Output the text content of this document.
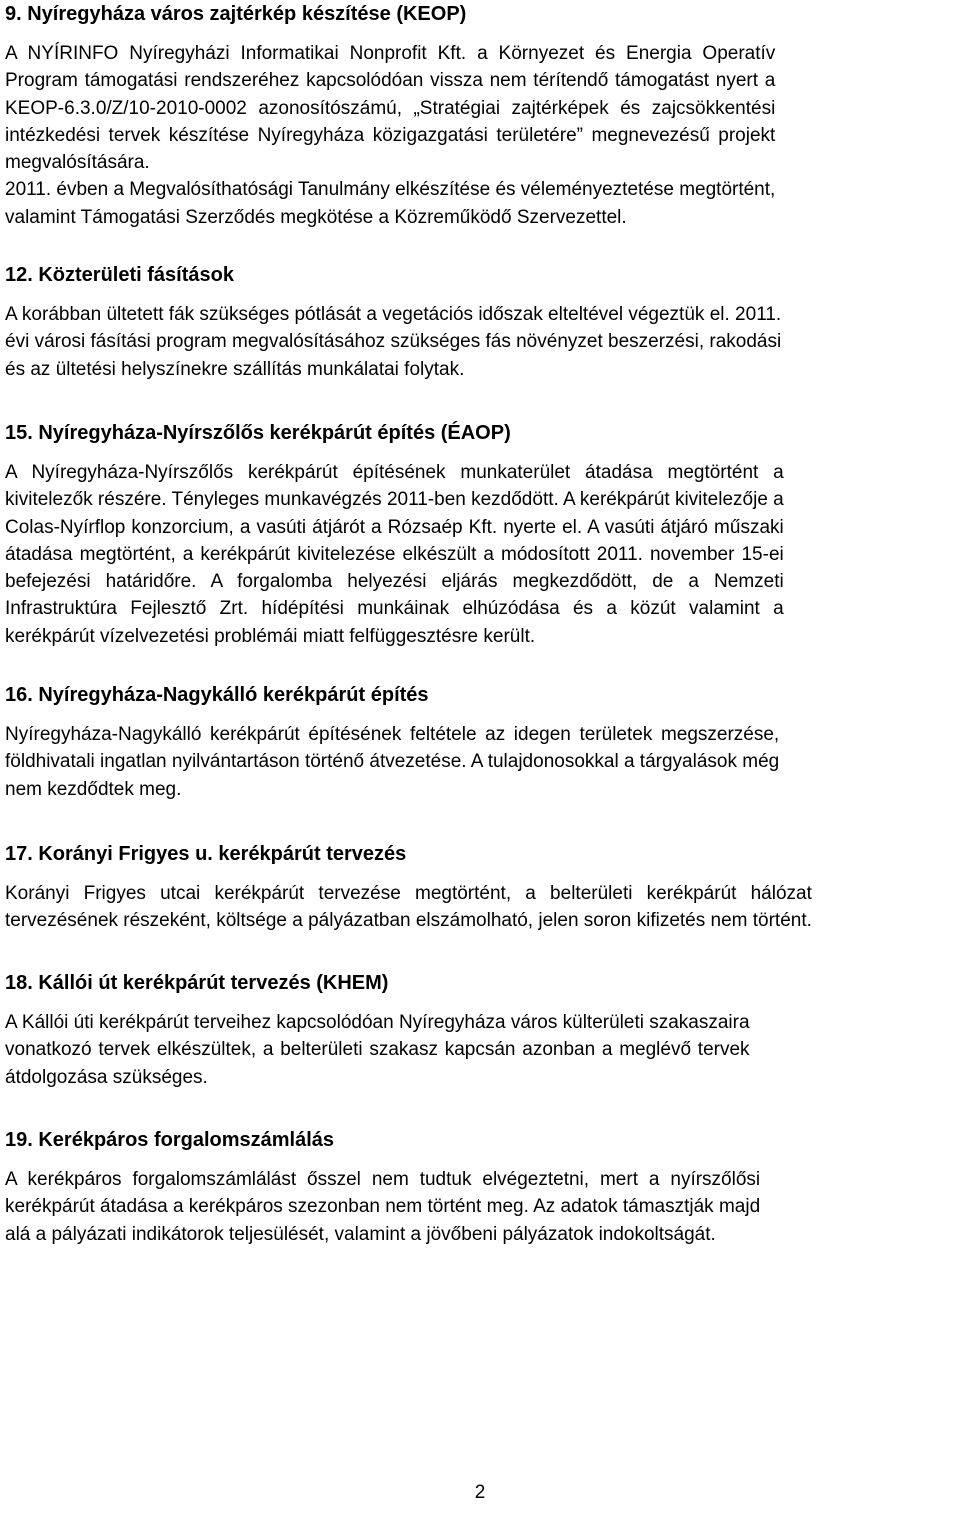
9. Nyíregyháza város zajtérkép készítése (KEOP)

A NYÍRINFO Nyíregyházi Informatikai Nonprofit Kft. a Környezet és Energia Operatív
Program támogatási rendszeréhez kapcsolódóan vissza nem térítendő támogatást nyert a
KEOP-6.3.0/Z/10-2010-0002 azonosítószámú, „Stratégiai zajtérképek és zajcsökkentési
intézkedési tervek készítése Nyíregyháza közigazgatási területére” megnevezésű projekt
megvalósítására.
2011. évben a Megvalósíthatósági Tanulmány elkészítése és véleményeztetése megtörtént,
valamint Támogatási Szerződés megkötése a Közreműködő Szervezettel.

12. Közterületi fásítások

A korábban ültetett fák szükséges pótlását a vegetációs időszak elteltével végeztük el. 2011.
évi városi fásítási program megvalósításához szükséges fás növényzet beszerzési, rakodási
és az ültetési helyszínekre szállítás munkálatai folytak.

15. Nyíregyháza-Nyírszőlős kerékpárút építés (ÉAOP)

A Nyíregyháza-Nyírszőlős kerékpárút építésének munkaterület átadása megtörtént a
kivitelezők részére. Tényleges munkavégzés 2011-ben kezdődött. A kerékpárút kivitelezője a
Colas-Nyírflop konzorcium, a vasúti átjárót a Rózsaép Kft. nyerte el. A vasúti átjáró műszaki
átadása megtörtént, a kerékpárút kivitelezése elkészült a módosított 2011. november 15-ei
befejezési határidőre. A forgalomba helyezési eljárás megkezdődött, de a Nemzeti
Infrastruktúra Fejlesztő Zrt. hídépítési munkáinak elhúzódása és a közút valamint a
kerékpárút vízelvezetési problémái miatt felfüggesztésre került.

16. Nyíregyháza-Nagykálló kerékpárút építés

Nyíregyháza-Nagykálló kerékpárút építésének feltétele az idegen területek megszerzése,
földhivatali ingatlan nyilvántartáson történő átvezetése. A tulajdonosokkal a tárgyalások még
nem kezdődtek meg.

17. Korányi Frigyes u. kerékpárút tervezés

Korányi Frigyes utcai kerékpárút tervezése megtörtént, a belterületi kerékpárút hálózat
tervezésének részeként, költsége a pályázatban elszámolható, jelen soron kifizetés nem történt.

18. Kállói út kerékpárút tervezés (KHEM)

A Kállói úti kerékpárút terveihez kapcsolódóan Nyíregyháza város külterületi szakaszaira
vonatkozó tervek elkészültek, a belterületi szakasz kapcsán azonban a meglévő tervek
átdolgozása szükséges.

19. Kerékpáros forgalomszámlálás

A kerékpáros forgalomszámlálást ősszel nem tudtuk elvégeztetni, mert a nyírszőlősi
kerékpárút átadása a kerékpáros szezonban nem történt meg. Az adatok támasztják majd
alá a pályázati indikátorok teljesülését, valamint a jövőbeni pályázatok indokoltságát.

2
